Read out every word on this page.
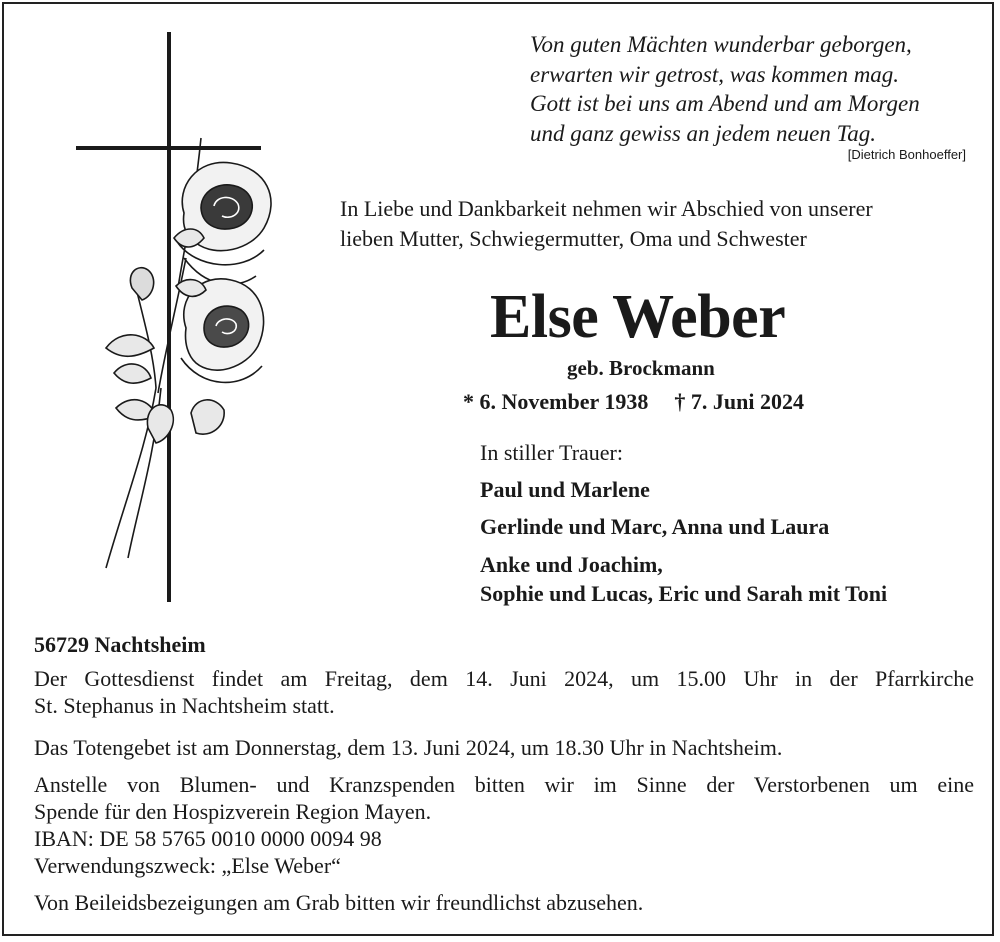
Von guten Mächten wunderbar geborgen,
erwarten wir getrost, was kommen mag.
Gott ist bei uns am Abend und am Morgen
und ganz gewiss an jedem neuen Tag.
[Dietrich Bonhoeffer]
In Liebe und Dankbarkeit nehmen wir Abschied von unserer
lieben Mutter, Schwiegermutter, Oma und Schwester
Else Weber
geb. Brockmann
* 6. November 1938 † 7. Juni 2024
In stiller Trauer:
Paul und Marlene
Gerlinde und Marc, Anna und Laura
Anke und Joachim,
Sophie und Lucas, Eric und Sarah mit Toni
56729 Nachtsheim
Der Gottesdienst findet am Freitag, dem 14. Juni 2024, um 15.00 Uhr in der Pfarrkirche
St. Stephanus in Nachtsheim statt.
Das Totengebet ist am Donnerstag, dem 13. Juni 2024, um 18.30 Uhr in Nachtsheim.
Anstelle von Blumen- und Kranzspenden bitten wir im Sinne der Verstorbenen um eine
Spende für den Hospizverein Region Mayen.
IBAN: DE 58 5765 0010 0000 0094 98
Verwendungszweck: „Else Weber“
Von Beileidsbezeigungen am Grab bitten wir freundlichst abzusehen.
